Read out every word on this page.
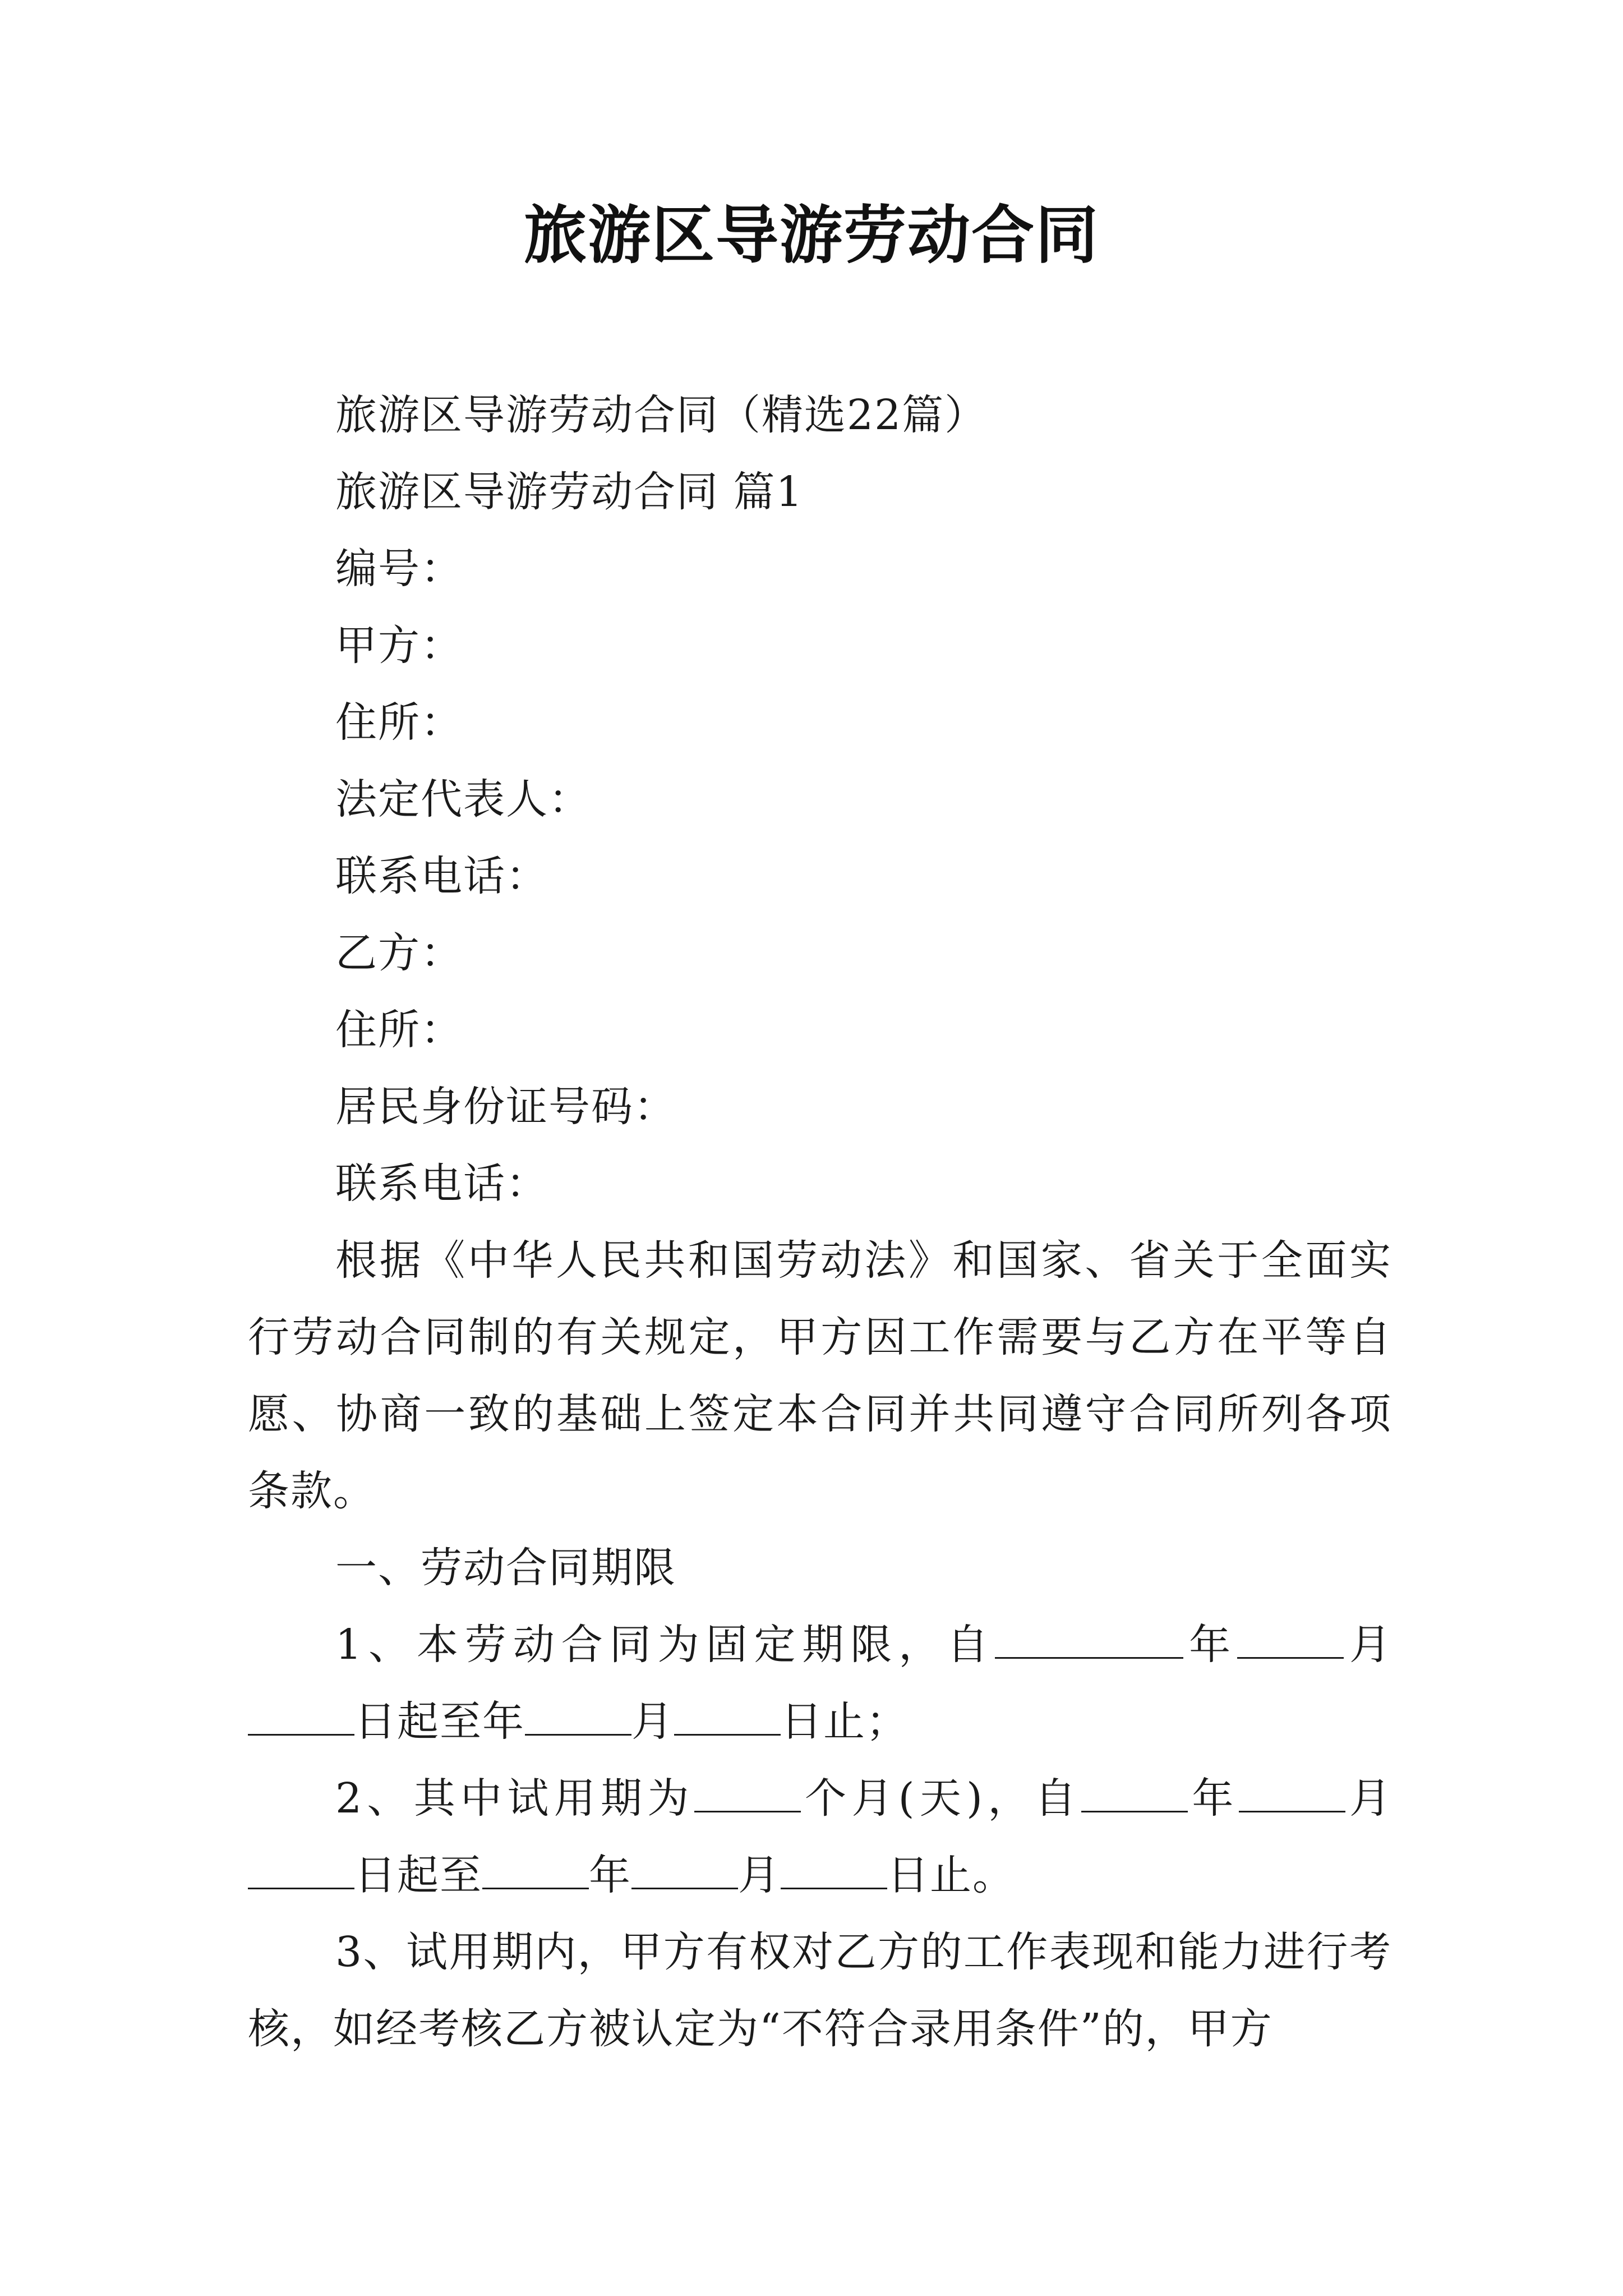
旅游区导游劳动合同

旅游区导游劳动合同（精选22篇）

旅游区导游劳动合同 篇1

编号：

甲方：

住所：

法定代表人：

联系电话：

乙方：

住所：

居民身份证号码：

联系电话：

根据《中华人民共和国劳动法》和国家、省关于全面实行劳动合同制的有关规定，甲方因工作需要与乙方在平等自愿、协商一致的基础上签定本合同并共同遵守合同所列各项条款。

一、劳动合同期限

1、本劳动合同为固定期限，自	年	月日起至年	月	日止；

2、其中试用期为	个月(天)，自	年	月日起至	年	月	日止。

3、试用期内，甲方有权对乙方的工作表现和能力进行考核，如经考核乙方被认定为“不符合录用条件”的，甲方
